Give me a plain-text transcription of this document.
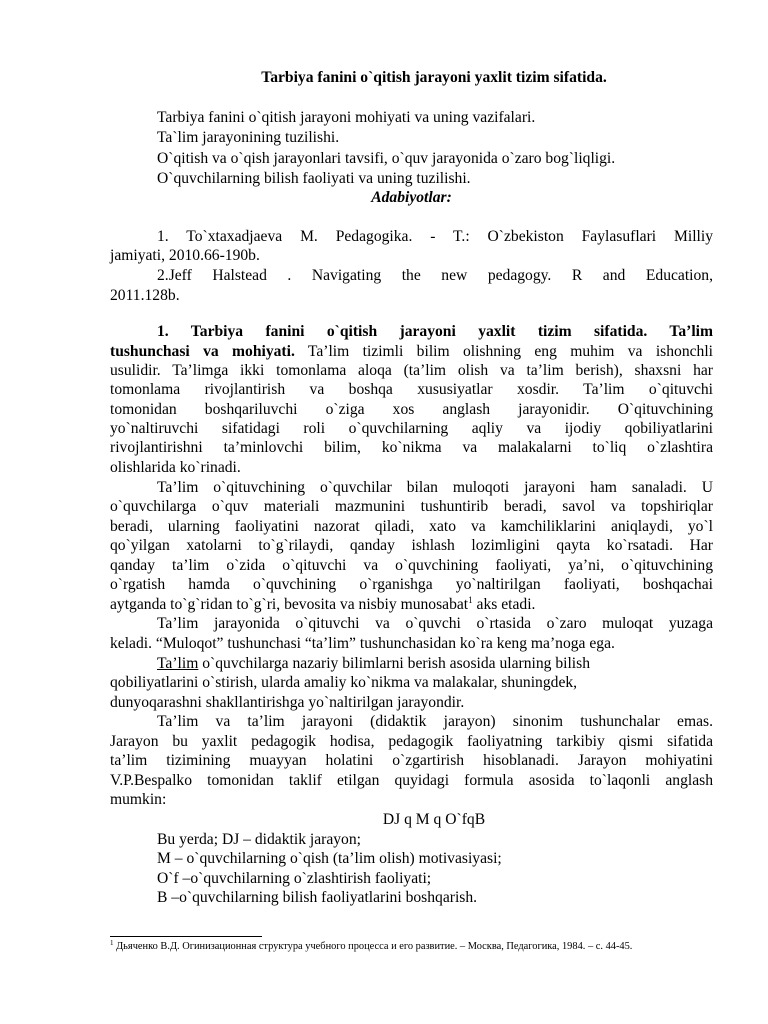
Tarbiya fanini o`qitish jarayoni yaxlit tizim sifatida.
Tarbiya fanini o`qitish jarayoni mohiyati va uning vazifalari.
Ta`lim jarayonining tuzilishi.
O`qitish va o`qish jarayonlari tavsifi, o`quv jarayonida o`zaro bog`liqligi.
O`quvchilarning bilish faoliyati va uning tuzilishi.
Adabiyotlar:
1. To`xtaxadjaeva M. Pedagogika. - T.: O`zbekiston Faylasuflari Milliy
jamiyati, 2010.66-190b.
2.Jeff Halstead . Navigating the new pedagogy. R and Education,
2011.128b.
1. Tarbiya fanini o`qitish jarayoni yaxlit tizim sifatida. Ta’lim
tushunchasi va mohiyati. Ta’lim tizimli bilim olishning eng muhim va ishonchli
usulidir. Ta’limga ikki tomonlama aloqa (ta’lim olish va ta’lim berish), shaxsni har
tomonlama rivojlantirish va boshqa xususiyatlar xosdir. Ta’lim o`qituvchi
tomonidan boshqariluvchi o`ziga xos anglash jarayonidir. O`qituvchining
yo`naltiruvchi sifatidagi roli o`quvchilarning aqliy va ijodiy qobiliyatlarini
rivojlantirishni ta’minlovchi bilim, ko`nikma va malakalarni to`liq o`zlashtira
olishlarida ko`rinadi.
Ta’lim o`qituvchining o`quvchilar bilan muloqoti jarayoni ham sanaladi. U
o`quvchilarga o`quv materiali mazmunini tushuntirib beradi, savol va topshiriqlar
beradi, ularning faoliyatini nazorat qiladi, xato va kamchiliklarini aniqlaydi, yo`l
qo`yilgan xatolarni to`g`rilaydi, qanday ishlash lozimligini qayta ko`rsatadi. Har
qanday ta’lim o`zida o`qituvchi va o`quvchining faoliyati, ya’ni, o`qituvchining
o`rgatish hamda o`quvchining o`rganishga yo`naltirilgan faoliyati, boshqachai
aytganda to`g`ridan to`g`ri, bevosita va nisbiy munosabat$^1$ aks etadi.
Ta’lim jarayonida o`qituvchi va o`quvchi o`rtasida o`zaro muloqat yuzaga
keladi. “Muloqot” tushunchasi “ta’lim” tushunchasidan ko`ra keng ma’noga ega.
Ta’lim o`quvchilarga nazariy bilimlarni berish asosida ularning bilish
qobiliyatlarini o`stirish, ularda amaliy ko`nikma va malakalar, shuningdek,
dunyoqarashni shakllantirishga yo`naltirilgan jarayondir.
Ta’lim va ta’lim jarayoni (didaktik jarayon) sinonim tushunchalar emas.
Jarayon bu yaxlit pedagogik hodisa, pedagogik faoliyatning tarkibiy qismi sifatida
ta’lim tizimining muayyan holatini o`zgartirish hisoblanadi. Jarayon mohiyatini
V.P.Bespalko tomonidan taklif etilgan quyidagi formula asosida to`laqonli anglash
mumkin:
DJ q M q O`fqB
Bu yerda; DJ – didaktik jarayon;
M – o`quvchilarning o`qish (ta’lim olish) motivasiyasi;
O`f –o`quvchilarning o`zlashtirish faoliyati;
B –o`quvchilarning bilish faoliyatlarini boshqarish.
$^1$ Дьяченко В.Д. Огинизационная структура учебного процесса и его развитие. – Москва, Педагогика, 1984. – с. 44-45.
